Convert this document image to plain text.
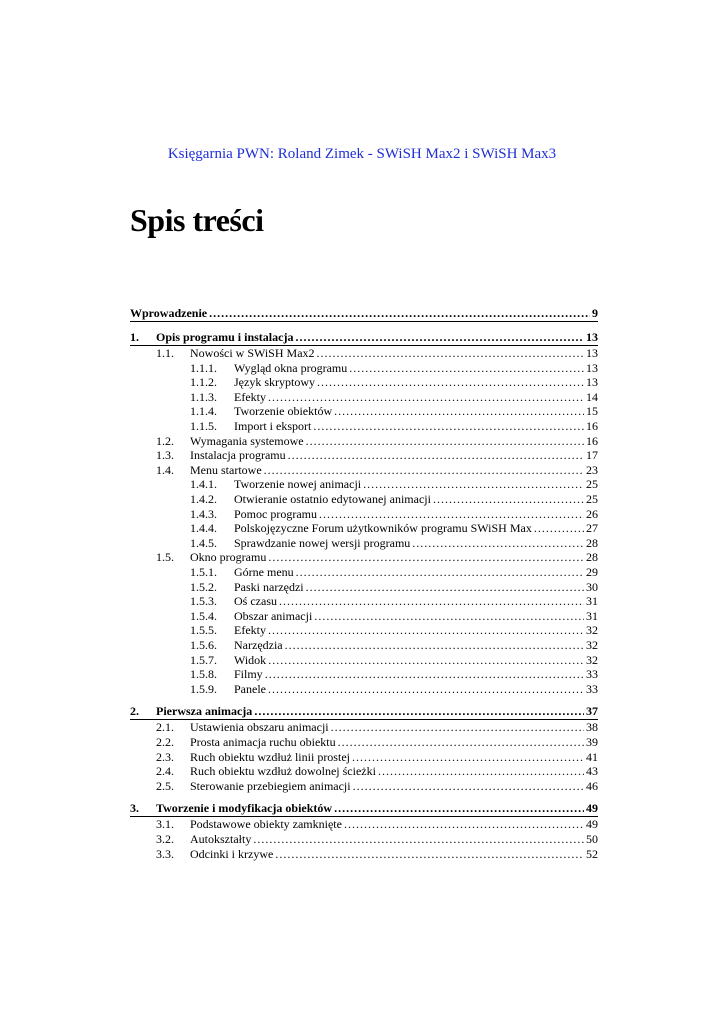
Księgarnia PWN: Roland Zimek - SWiSH Max2 i SWiSH Max3
Spis treści
Wprowadzenie .....	9
1. Opis programu i instalacja .....	13
1.1. Nowości w SWiSH Max2 .....	13
1.1.1. Wygląd okna programu .....	13
1.1.2. Język skryptowy .....	13
1.1.3. Efekty .....	14
1.1.4. Tworzenie obiektów .....	15
1.1.5. Import i eksport .....	16
1.2. Wymagania systemowe .....	16
1.3. Instalacja programu .....	17
1.4. Menu startowe .....	23
1.4.1. Tworzenie nowej animacji .....	25
1.4.2. Otwieranie ostatnio edytowanej animacji .....	25
1.4.3. Pomoc programu .....	26
1.4.4. Polskojęzyczne Forum użytkowników programu SWiSH Max .....	27
1.4.5. Sprawdzanie nowej wersji programu .....	28
1.5. Okno programu .....	28
1.5.1. Górne menu .....	29
1.5.2. Paski narzędzi .....	30
1.5.3. Oś czasu .....	31
1.5.4. Obszar animacji .....	31
1.5.5. Efekty .....	32
1.5.6. Narzędzia .....	32
1.5.7. Widok .....	32
1.5.8. Filmy .....	33
1.5.9. Panele .....	33
2. Pierwsza animacja .....	37
2.1. Ustawienia obszaru animacji .....	38
2.2. Prosta animacja ruchu obiektu .....	39
2.3. Ruch obiektu wzdłuż linii prostej .....	41
2.4. Ruch obiektu wzdłuż dowolnej ścieżki .....	43
2.5. Sterowanie przebiegiem animacji .....	46
3. Tworzenie i modyfikacja obiektów .....	49
3.1. Podstawowe obiekty zamknięte .....	49
3.2. Autokształty .....	50
3.3. Odcinki i krzywe .....	52
